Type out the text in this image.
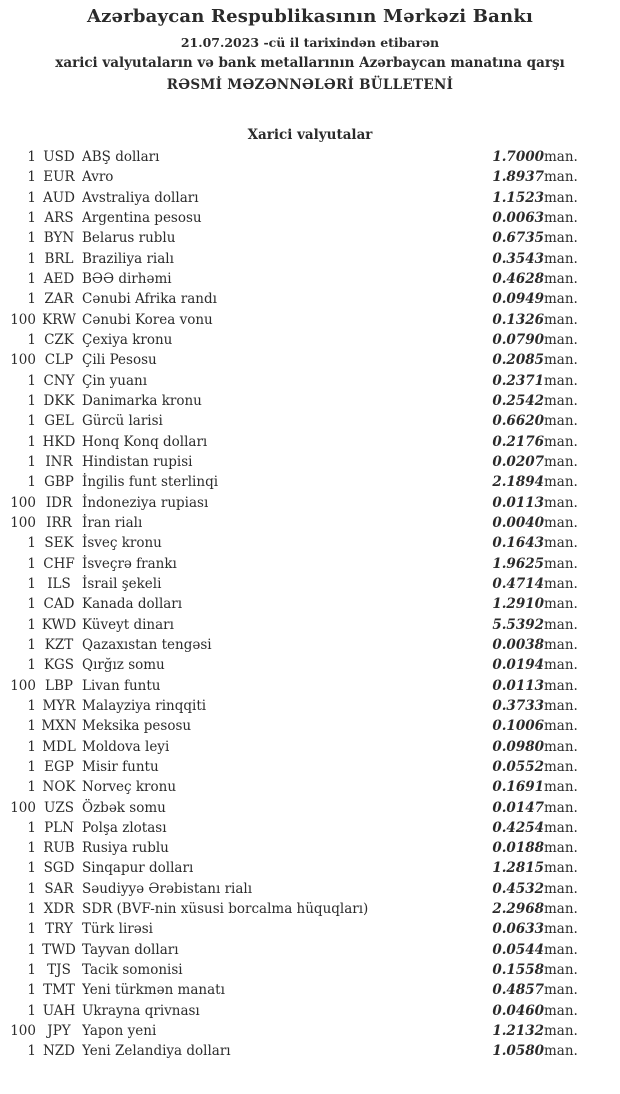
Azərbaycan Respublikasının Mərkəzi Bankı
21.07.2023 -cü il tarixindən etibarən
xarici valyutaların və bank metallarının Azərbaycan manatına qarşı
RƏSMİ MƏZƏNNƏLƏRİ BÜLLETENİ
Xarici valyutalar
1	USD	ABŞ dolları	1.7000	man.
1	EUR	Avro	1.8937	man.
1	AUD	Avstraliya dolları	1.1523	man.
1	ARS	Argentina pesosu	0.0063	man.
1	BYN	Belarus rublu	0.6735	man.
1	BRL	Braziliya rialı	0.3543	man.
1	AED	BƏƏ dirhəmi	0.4628	man.
1	ZAR	Cənubi Afrika randı	0.0949	man.
100	KRW	Cənubi Korea vonu	0.1326	man.
1	CZK	Çexiya kronu	0.0790	man.
100	CLP	Çili Pesosu	0.2085	man.
1	CNY	Çin yuanı	0.2371	man.
1	DKK	Danimarka kronu	0.2542	man.
1	GEL	Gürcü larisi	0.6620	man.
1	HKD	Honq Konq dolları	0.2176	man.
1	INR	Hindistan rupisi	0.0207	man.
1	GBP	İngilis funt sterlinqi	2.1894	man.
100	IDR	İndoneziya rupiası	0.0113	man.
100	IRR	İran rialı	0.0040	man.
1	SEK	İsveç kronu	0.1643	man.
1	CHF	İsveçrə frankı	1.9625	man.
1	ILS	İsrail şekeli	0.4714	man.
1	CAD	Kanada dolları	1.2910	man.
1	KWD	Küveyt dinarı	5.5392	man.
1	KZT	Qazaxıstan tengəsi	0.0038	man.
1	KGS	Qırğız somu	0.0194	man.
100	LBP	Livan funtu	0.0113	man.
1	MYR	Malayziya rinqqiti	0.3733	man.
1	MXN	Meksika pesosu	0.1006	man.
1	MDL	Moldova leyi	0.0980	man.
1	EGP	Misir funtu	0.0552	man.
1	NOK	Norveç kronu	0.1691	man.
100	UZS	Özbək somu	0.0147	man.
1	PLN	Polşa zlotası	0.4254	man.
1	RUB	Rusiya rublu	0.0188	man.
1	SGD	Sinqapur dolları	1.2815	man.
1	SAR	Səudiyyə Ərəbistanı rialı	0.4532	man.
1	XDR	SDR (BVF-nin xüsusi borcalma hüquqları)	2.2968	man.
1	TRY	Türk lirəsi	0.0633	man.
1	TWD	Tayvan dolları	0.0544	man.
1	TJS	Tacik somonisi	0.1558	man.
1	TMT	Yeni türkmən manatı	0.4857	man.
1	UAH	Ukrayna qrivnası	0.0460	man.
100	JPY	Yapon yeni	1.2132	man.
1	NZD	Yeni Zelandiya dolları	1.0580	man.
